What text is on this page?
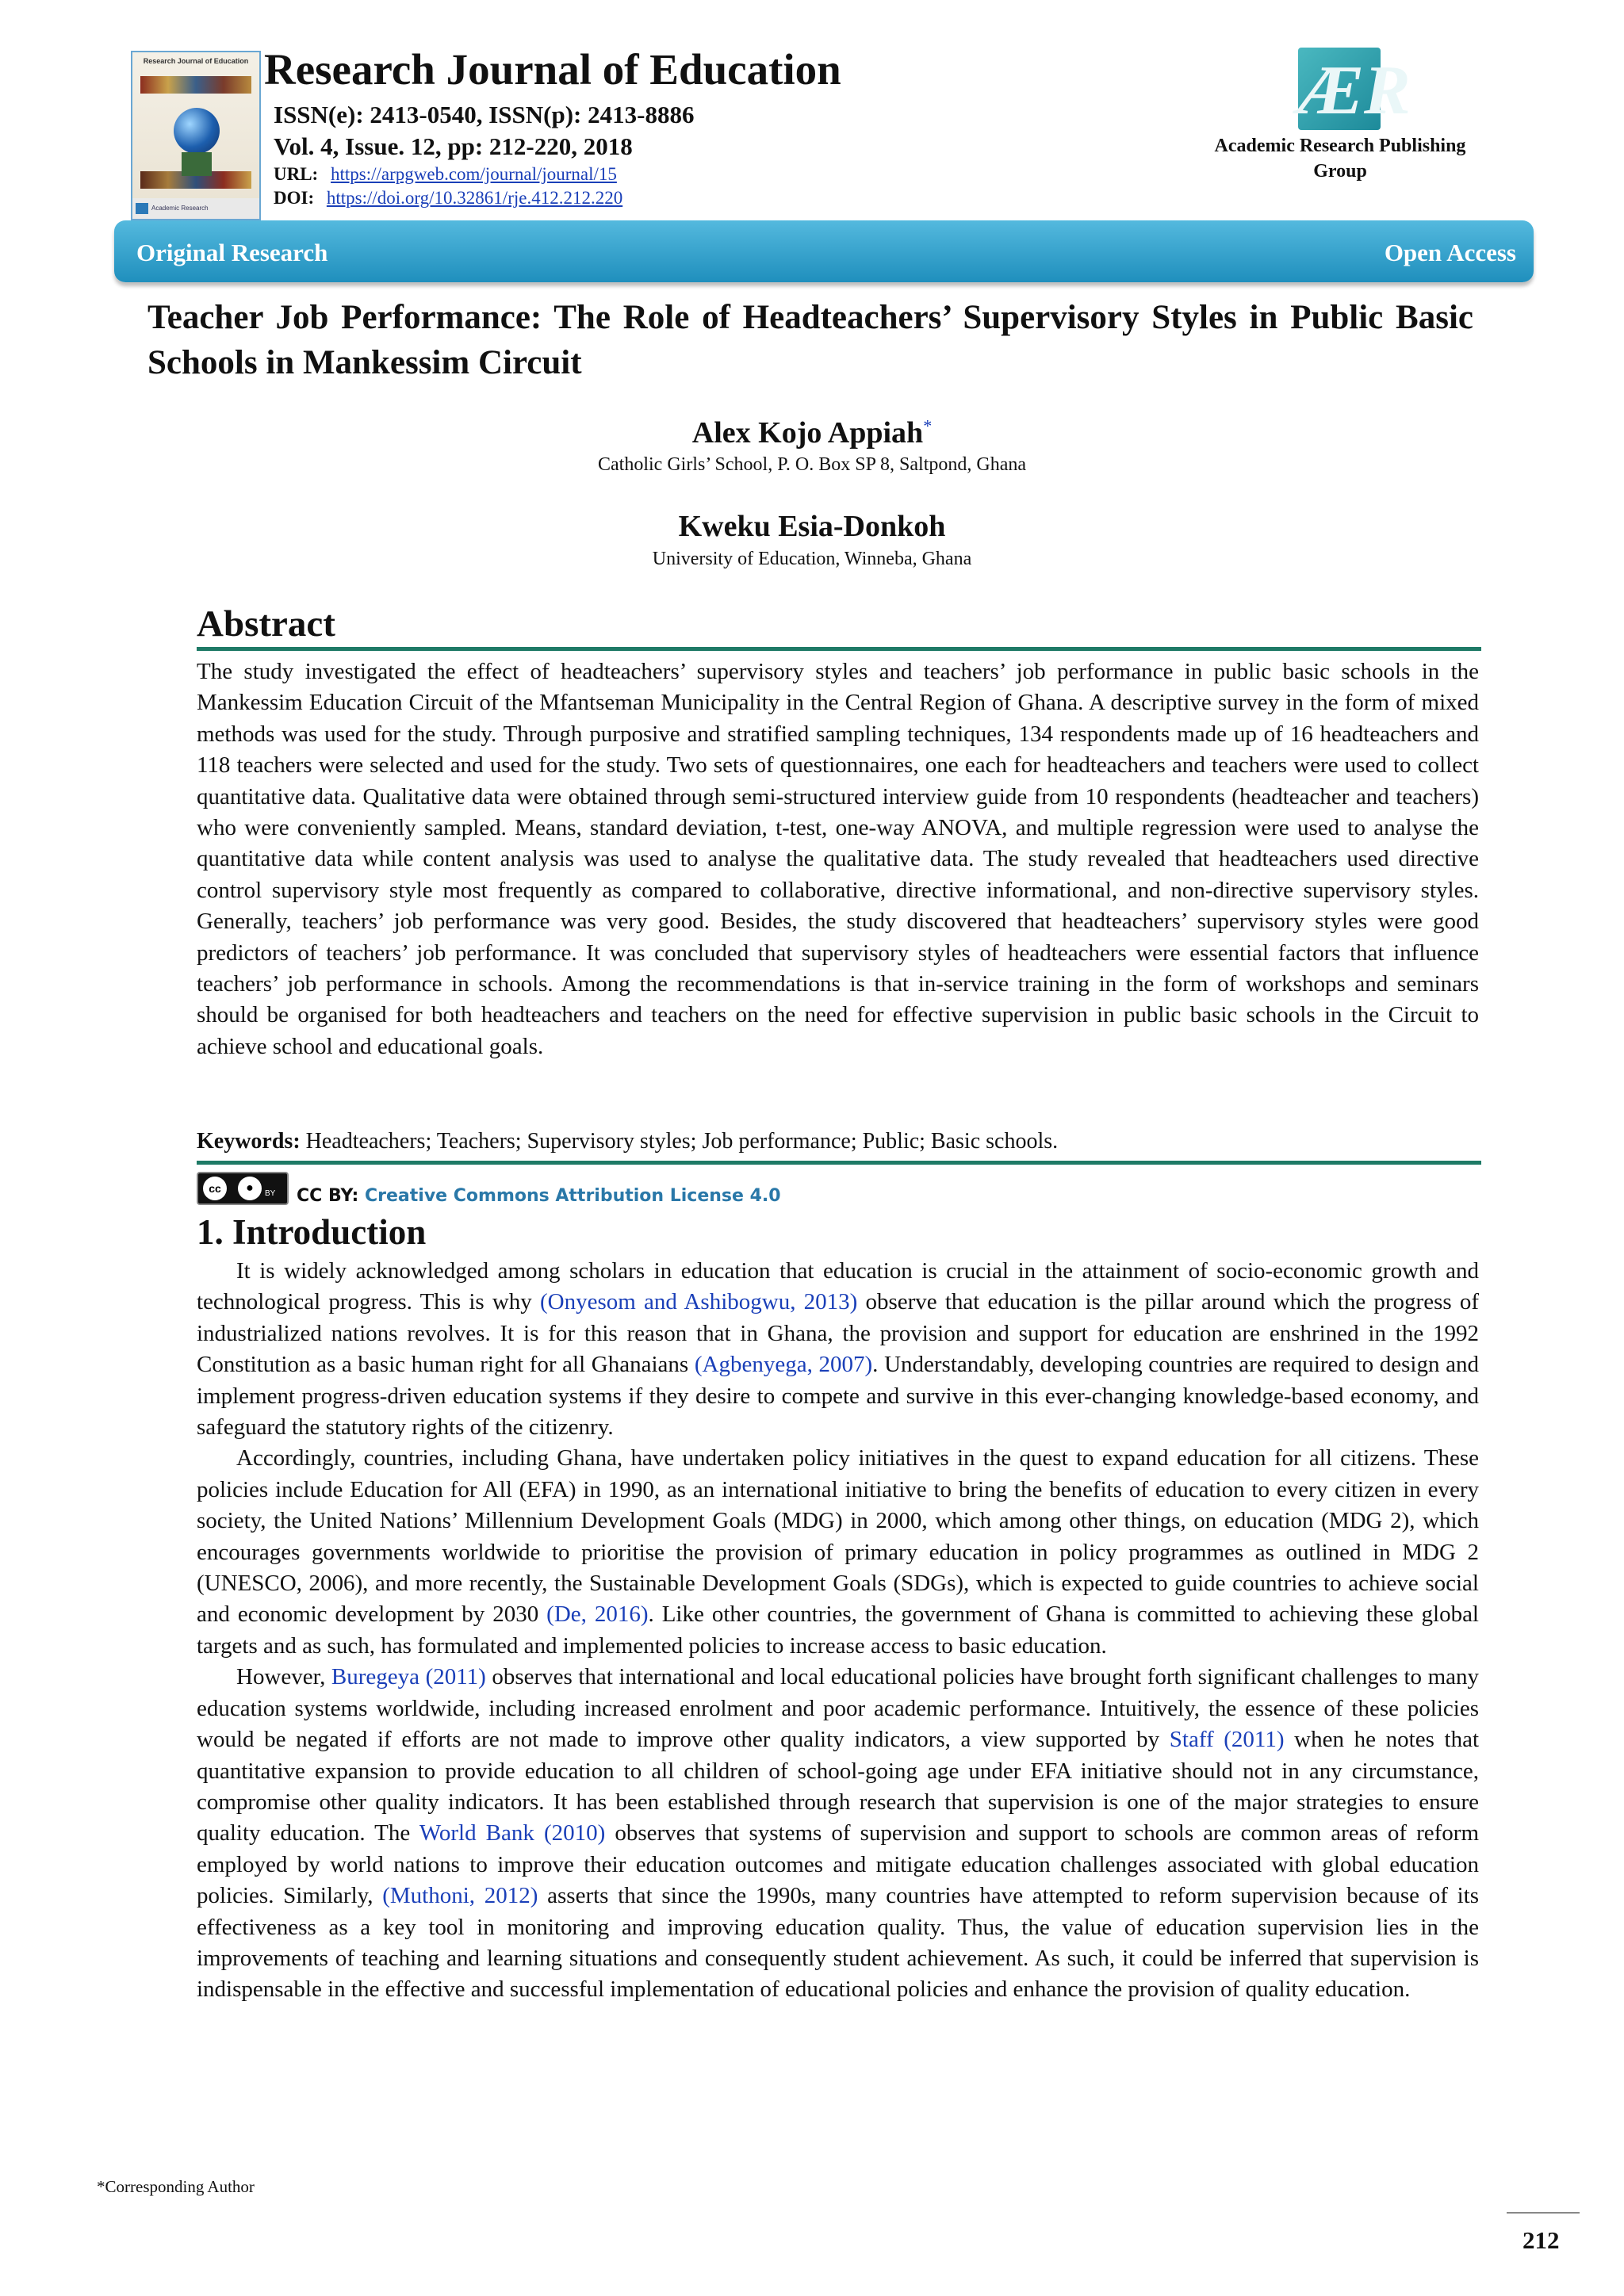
Research Journal of Education
Academic Research
Research Journal of Education
ISSN(e): 2413-0540, ISSN(p): 2413-8886
Vol. 4, Issue. 12, pp: 212-220, 2018
URL: https://arpgweb.com/journal/journal/15
DOI: https://doi.org/10.32861/rje.412.212.220
ÆR
Academic Research Publishing
Group
Original Research	Open Access
Teacher Job Performance: The Role of Headteachers’ Supervisory Styles in Public Basic Schools in Mankessim Circuit
Alex Kojo Appiah*
Catholic Girls’ School, P. O. Box SP 8, Saltpond, Ghana
Kweku Esia-Donkoh
University of Education, Winneba, Ghana
Abstract
The study investigated the effect of headteachers’ supervisory styles and teachers’ job performance in public basic schools in the Mankessim Education Circuit of the Mfantseman Municipality in the Central Region of Ghana. A descriptive survey in the form of mixed methods was used for the study. Through purposive and stratified sampling techniques, 134 respondents made up of 16 headteachers and 118 teachers were selected and used for the study. Two sets of questionnaires, one each for headteachers and teachers were used to collect quantitative data. Qualitative data were obtained through semi-structured interview guide from 10 respondents (headteacher and teachers) who were conveniently sampled. Means, standard deviation, t-test, one-way ANOVA, and multiple regression were used to analyse the quantitative data while content analysis was used to analyse the qualitative data. The study revealed that headteachers used directive control supervisory style most frequently as compared to collaborative, directive informational, and non-directive supervisory styles. Generally, teachers’ job performance was very good. Besides, the study discovered that headteachers’ supervisory styles were good predictors of teachers’ job performance. It was concluded that supervisory styles of headteachers were essential factors that influence teachers’ job performance in schools. Among the recommendations is that in-service training in the form of workshops and seminars should be organised for both headteachers and teachers on the need for effective supervision in public basic schools in the Circuit to achieve school and educational goals.
Keywords: Headteachers; Teachers; Supervisory styles; Job performance; Public; Basic schools.
cc	●	BY CC BY: Creative Commons Attribution License 4.0
1. Introduction

It is widely acknowledged among scholars in education that education is crucial in the attainment of socio-economic growth and technological progress. This is why (Onyesom and Ashibogwu, 2013) observe that education is the pillar around which the progress of industrialized nations revolves. It is for this reason that in Ghana, the provision and support for education are enshrined in the 1992 Constitution as a basic human right for all Ghanaians (Agbenyega, 2007). Understandably, developing countries are required to design and implement progress-driven education systems if they desire to compete and survive in this ever-changing knowledge-based economy, and safeguard the statutory rights of the citizenry.

Accordingly, countries, including Ghana, have undertaken policy initiatives in the quest to expand education for all citizens. These policies include Education for All (EFA) in 1990, as an international initiative to bring the benefits of education to every citizen in every society, the United Nations’ Millennium Development Goals (MDG) in 2000, which among other things, on education (MDG 2), which encourages governments worldwide to prioritise the provision of primary education in policy programmes as outlined in MDG 2 (UNESCO, 2006), and more recently, the Sustainable Development Goals (SDGs), which is expected to guide countries to achieve social and economic development by 2030 (De, 2016). Like other countries, the government of Ghana is committed to achieving these global targets and as such, has formulated and implemented policies to increase access to basic education.

However, Buregeya (2011) observes that international and local educational policies have brought forth significant challenges to many education systems worldwide, including increased enrolment and poor academic performance. Intuitively, the essence of these policies would be negated if efforts are not made to improve other quality indicators, a view supported by Staff (2011) when he notes that quantitative expansion to provide education to all children of school-going age under EFA initiative should not in any circumstance, compromise other quality indicators. It has been established through research that supervision is one of the major strategies to ensure quality education. The World Bank (2010) observes that systems of supervision and support to schools are common areas of reform employed by world nations to improve their education outcomes and mitigate education challenges associated with global education policies. Similarly, (Muthoni, 2012) asserts that since the 1990s, many countries have attempted to reform supervision because of its effectiveness as a key tool in monitoring and improving education quality. Thus, the value of education supervision lies in the improvements of teaching and learning situations and consequently student achievement. As such, it could be inferred that supervision is indispensable in the effective and successful implementation of educational policies and enhance the provision of quality education.

*Corresponding Author
212
